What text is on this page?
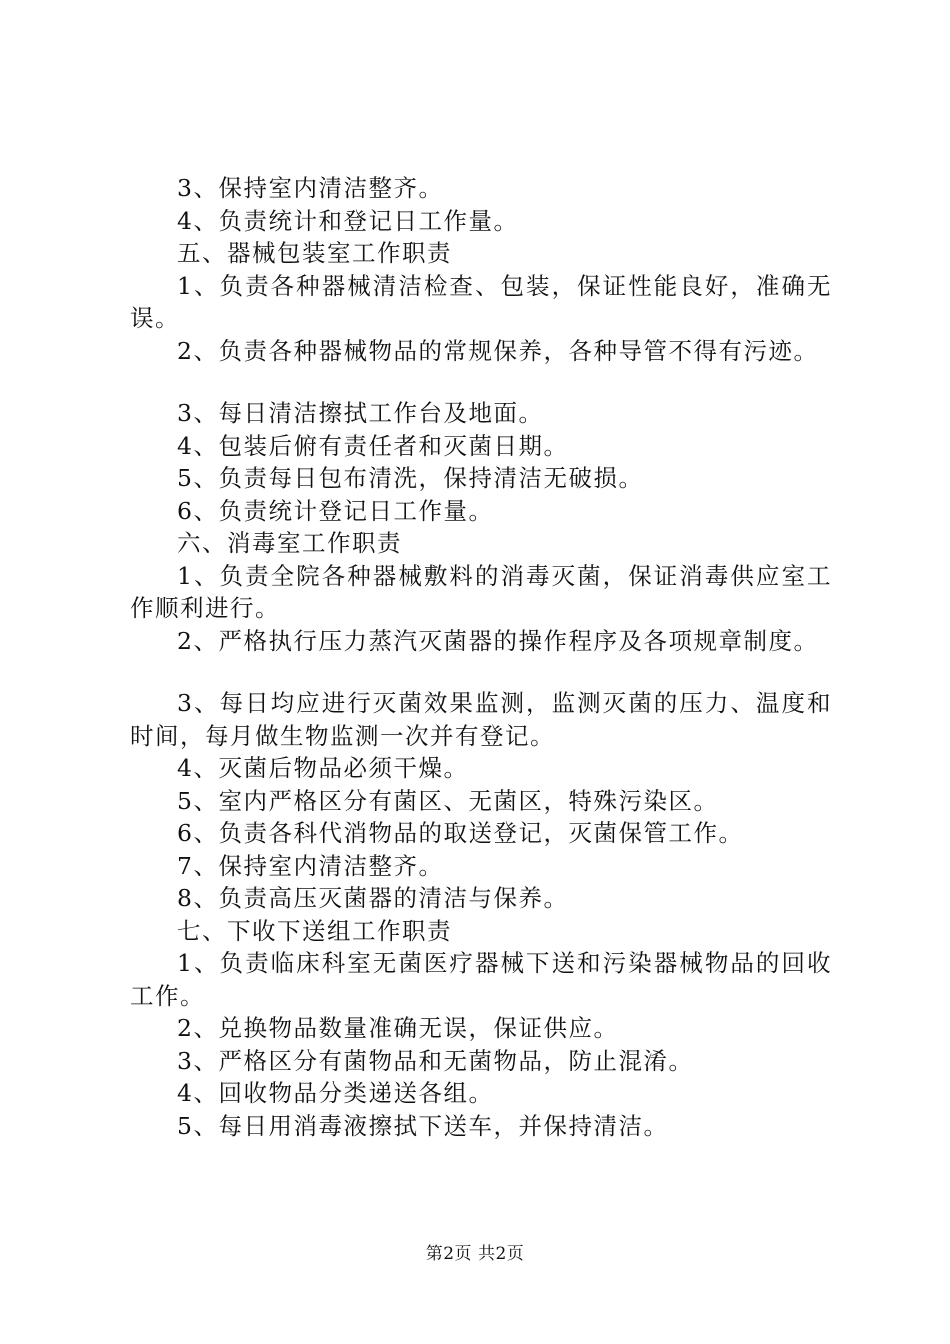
3、保持室内清洁整齐。

4、负责统计和登记日工作量。

五、器械包装室工作职责

1、负责各种器械清洁检查、包装，保证性能良好，准确无误。

2、负责各种器械物品的常规保养，各种导管不得有污迹。

3、每日清洁擦拭工作台及地面。

4、包装后俯有责任者和灭菌日期。

5、负责每日包布清洗，保持清洁无破损。

6、负责统计登记日工作量。

六、消毒室工作职责

1、负责全院各种器械敷料的消毒灭菌，保证消毒供应室工作顺利进行。

2、严格执行压力蒸汽灭菌器的操作程序及各项规章制度。

3、每日均应进行灭菌效果监测，监测灭菌的压力、温度和时间，每月做生物监测一次并有登记。

4、灭菌后物品必须干燥。

5、室内严格区分有菌区、无菌区，特殊污染区。

6、负责各科代消物品的取送登记，灭菌保管工作。

7、保持室内清洁整齐。

8、负责高压灭菌器的清洁与保养。

七、下收下送组工作职责

1、负责临床科室无菌医疗器械下送和污染器械物品的回收工作。

2、兑换物品数量准确无误，保证供应。

3、严格区分有菌物品和无菌物品，防止混淆。

4、回收物品分类递送各组。

5、每日用消毒液擦拭下送车，并保持清洁。

第2页 共2页
